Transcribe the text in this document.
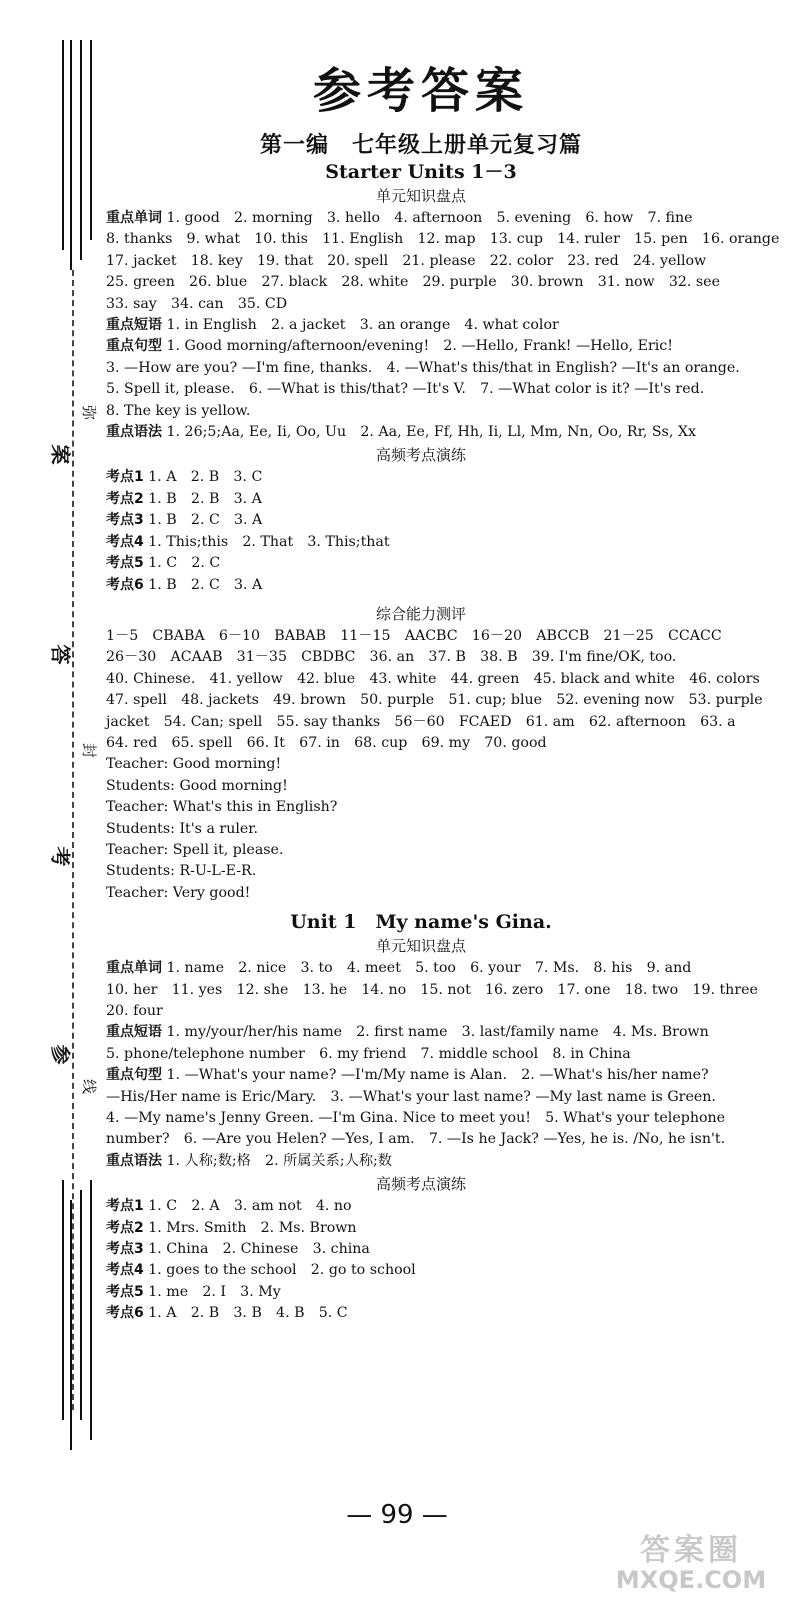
弥
案
答
封
考
参
线
参考答案
第一编　七年级上册单元复习篇
Starter Units 1－3
单元知识盘点
重点单词 1. good　2. morning　3. hello　4. afternoon　5. evening　6. how　7. fine
8. thanks　9. what　10. this　11. English　12. map　13. cup　14. ruler　15. pen　16. orange
17. jacket　18. key　19. that　20. spell　21. please　22. color　23. red　24. yellow
25. green　26. blue　27. black　28. white　29. purple　30. brown　31. now　32. see
33. say　34. can　35. CD
重点短语 1. in English　2. a jacket　3. an orange　4. what color
重点句型 1. Good morning/afternoon/evening!　2. —Hello, Frank! —Hello, Eric!
3. —How are you? —I'm fine, thanks.　4. —What's this/that in English? —It's an orange.
5. Spell it, please.　6. —What is this/that? —It's V.　7. —What color is it? —It's red.
8. The key is yellow.
重点语法 1. 26;5;Aa, Ee, Ii, Oo, Uu　2. Aa, Ee, Ff, Hh, Ii, Ll, Mm, Nn, Oo, Rr, Ss, Xx
高频考点演练
考点1 1. A　2. B　3. C
考点2 1. B　2. B　3. A
考点3 1. B　2. C　3. A
考点4 1. This;this　2. That　3. This;that
考点5 1. C　2. C
考点6 1. B　2. C　3. A
综合能力测评
1－5　CBABA　6－10　BABAB　11－15　AACBC　16－20　ABCCB　21－25　CCACC
26－30　ACAAB　31－35　CBDBC　36. an　37. B　38. B　39. I'm fine/OK, too.
40. Chinese.　41. yellow　42. blue　43. white　44. green　45. black and white　46. colors
47. spell　48. jackets　49. brown　50. purple　51. cup; blue　52. evening now　53. purple
jacket　54. Can; spell　55. say thanks　56－60　FCAED　61. am　62. afternoon　63. a
64. red　65. spell　66. It　67. in　68. cup　69. my　70. good
Teacher: Good morning!
Students: Good morning!
Teacher: What's this in English?
Students: It's a ruler.
Teacher: Spell it, please.
Students: R-U-L-E-R.
Teacher: Very good!
Unit 1　My name's Gina.
单元知识盘点
重点单词 1. name　2. nice　3. to　4. meet　5. too　6. your　7. Ms.　8. his　9. and
10. her　11. yes　12. she　13. he　14. no　15. not　16. zero　17. one　18. two　19. three
20. four
重点短语 1. my/your/her/his name　2. first name　3. last/family name　4. Ms. Brown
5. phone/telephone number　6. my friend　7. middle school　8. in China
重点句型 1. —What's your name? —I'm/My name is Alan.　2. —What's his/her name?
—His/Her name is Eric/Mary.　3. —What's your last name? —My last name is Green.
4. —My name's Jenny Green. —I'm Gina. Nice to meet you!　5. What's your telephone
number?　6. —Are you Helen? —Yes, I am.　7. —Is he Jack? —Yes, he is. /No, he isn't.
重点语法 1. 人称;数;格　2. 所属关系;人称;数
高频考点演练
考点1 1. C　2. A　3. am not　4. no
考点2 1. Mrs. Smith　2. Ms. Brown
考点3 1. China　2. Chinese　3. china
考点4 1. goes to the school　2. go to school
考点5 1. me　2. I　3. My
考点6 1. A　2. B　3. B　4. B　5. C
— 99 —
答案圈
MXQE.COM
